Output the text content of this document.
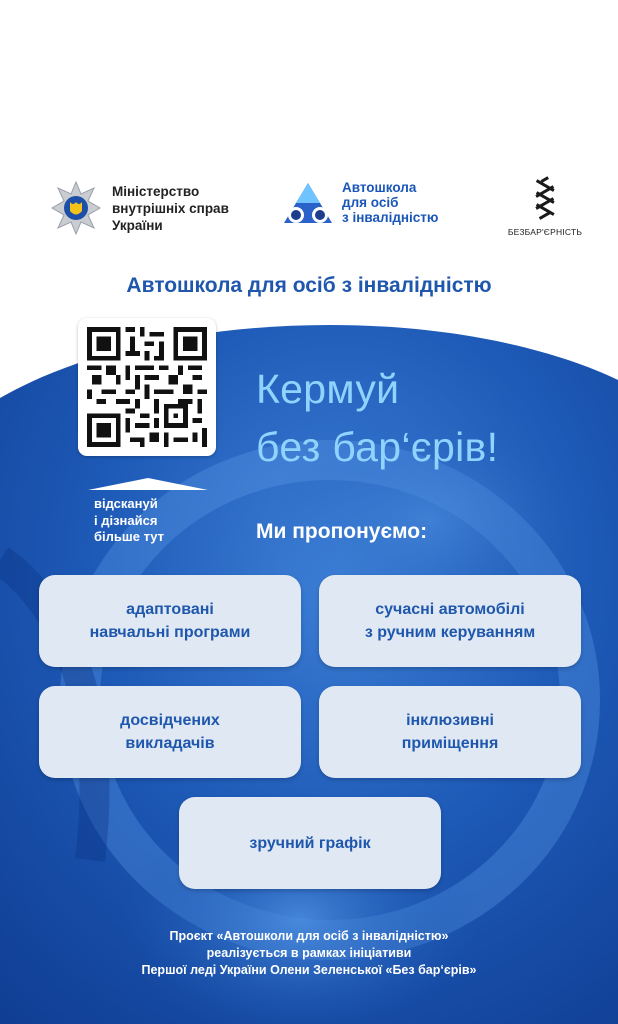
Міністерство
внутрішніх справ
України
Автошкола
для осіб
з інвалідністю
БЕЗБАР'ЄРНІСТЬ
Автошкола для осіб з інвалідністю
відскануй
і дізнайся
більше тут
Кермуй
без бар‘єрів!
Ми пропонуємо:
адаптовані
навчальні програми
сучасні автомобілі
з ручним керуванням
досвідчених
викладачів
інклюзивні
приміщення
зручний графік
Проєкт «Автошколи для осіб з інвалідністю»
реалізується в рамках ініціативи
Першої леді України Олени Зеленської «Без бар‘єрів»
